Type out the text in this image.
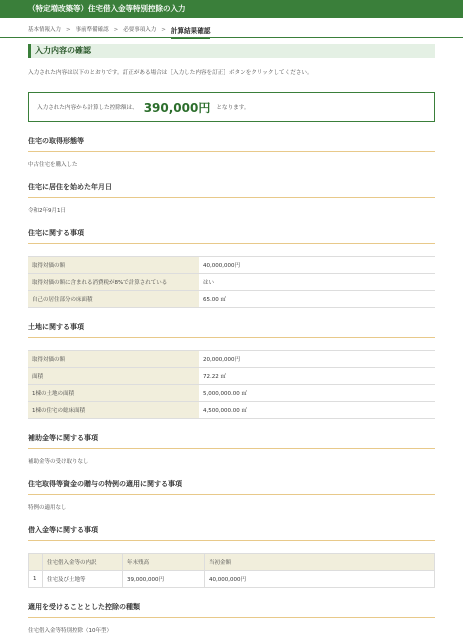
（特定増改築等）住宅借入金等特別控除の入力
基本情報入力 > 事前準備確認 > 必要事項入力 > 計算結果確認
入力内容の確認

入力された内容は以下のとおりです。訂正がある場合は［入力した内容を訂正］ボタンをクリックしてください。

入力された内容から計算した控除額は、 390,000円 となります。
住宅の取得形態等

中古住宅を購入した

住宅に居住を始めた年月日

令和2年9月1日

住宅に関する事項
取得対価の額	40,000,000円
取得対価の額に含まれる消費税が8%で計算されている	はい
自己の居住部分の床面積	65.00 ㎡
土地に関する事項
取得対価の額	20,000,000円
面積	72.22 ㎡
1棟の土地の面積	5,000,000.00 ㎡
1棟の住宅の総床面積	4,500,000.00 ㎡
補助金等に関する事項

補助金等の受け取りなし

住宅取得等資金の贈与の特例の適用に関する事項

特例の適用なし

借入金等に関する事項
	住宅借入金等の内訳	年末残高	当初金額
1	住宅及び土地等	39,000,000円	40,000,000円
適用を受けることとした控除の種類

住宅借入金等特別控除（10年型）
